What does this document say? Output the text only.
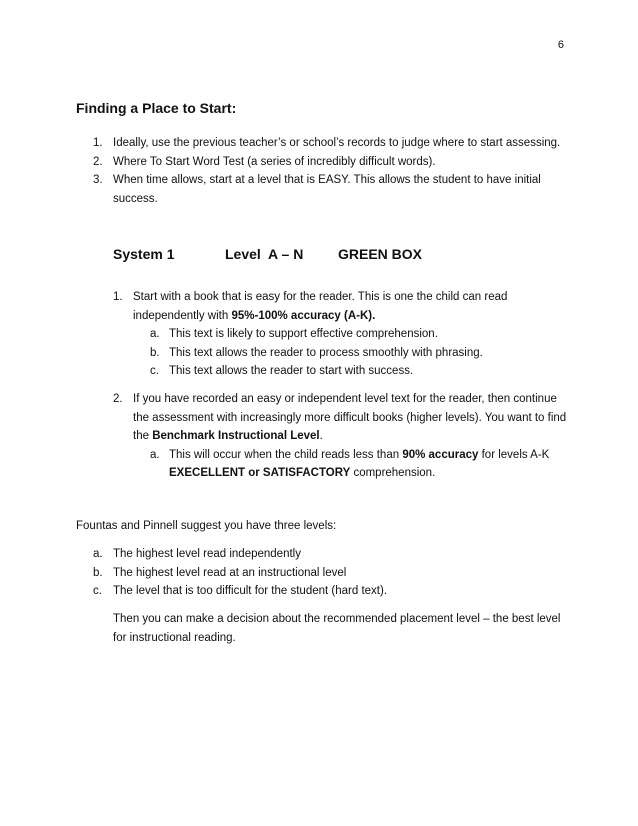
6
Finding a Place to Start:
1. Ideally, use the previous teacher’s or school’s records to judge where to start assessing.
2. Where To Start Word Test (a series of incredibly difficult words).
3. When time allows, start at a level that is EASY. This allows the student to have initial success.
System 1	Level  A – N GREEN BOX
1. Start with a book that is easy for the reader. This is one the child can read independently with 95%-100% accuracy (A-K).
a. This text is likely to support effective comprehension.
b. This text allows the reader to process smoothly with phrasing.
c. This text allows the reader to start with success.
2. If you have recorded an easy or independent level text for the reader, then continue the assessment with increasingly more difficult books (higher levels). You want to find the Benchmark Instructional Level.
a. This will occur when the child reads less than 90% accuracy for levels A-K EXECELLENT or SATISFACTORY comprehension.
Fountas and Pinnell suggest you have three levels:
a. The highest level read independently
b. The highest level read at an instructional level
c. The level that is too difficult for the student (hard text).
Then you can make a decision about the recommended placement level – the best level for instructional reading.
